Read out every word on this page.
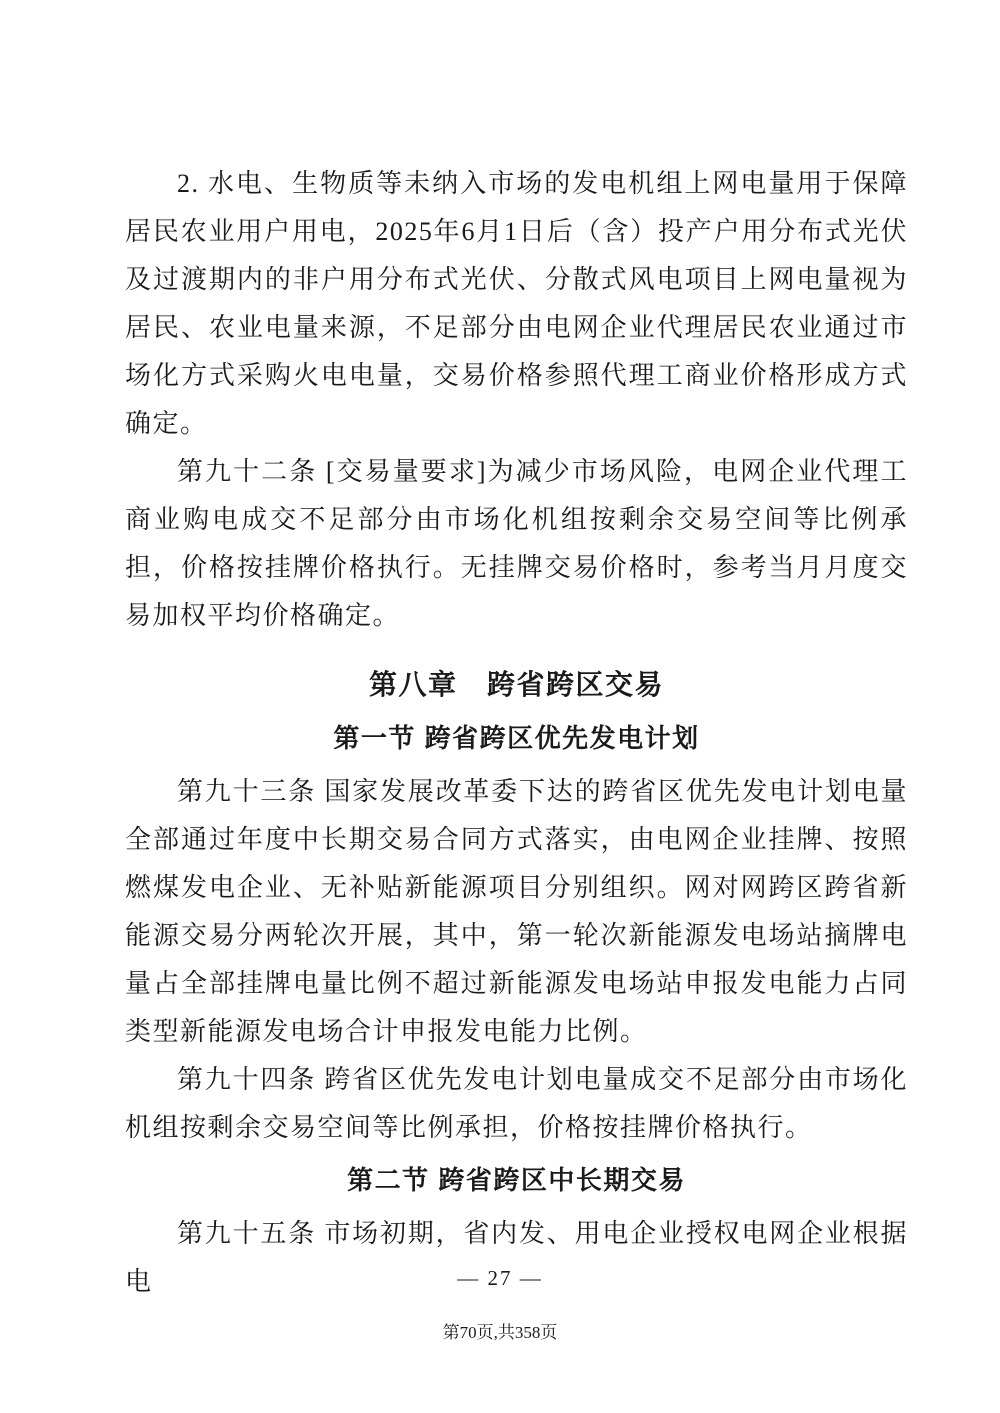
2. 水电、生物质等未纳入市场的发电机组上网电量用于保障居民农业用户用电，2025年6月1日后（含）投产户用分布式光伏及过渡期内的非户用分布式光伏、分散式风电项目上网电量视为居民、农业电量来源，不足部分由电网企业代理居民农业通过市场化方式采购火电电量，交易价格参照代理工商业价格形成方式确定。

第九十二条 [交易量要求]为减少市场风险，电网企业代理工商业购电成交不足部分由市场化机组按剩余交易空间等比例承担，价格按挂牌价格执行。无挂牌交易价格时，参考当月月度交易加权平均价格确定。

第八章　跨省跨区交易
第一节 跨省跨区优先发电计划

第九十三条 国家发展改革委下达的跨省区优先发电计划电量全部通过年度中长期交易合同方式落实，由电网企业挂牌、按照燃煤发电企业、无补贴新能源项目分别组织。网对网跨区跨省新能源交易分两轮次开展，其中，第一轮次新能源发电场站摘牌电量占全部挂牌电量比例不超过新能源发电场站申报发电能力占同类型新能源发电场合计申报发电能力比例。

第九十四条 跨省区优先发电计划电量成交不足部分由市场化机组按剩余交易空间等比例承担，价格按挂牌价格执行。

第二节 跨省跨区中长期交易

第九十五条 市场初期，省内发、用电企业授权电网企业根据电	— 27 —
第70页,共358页
